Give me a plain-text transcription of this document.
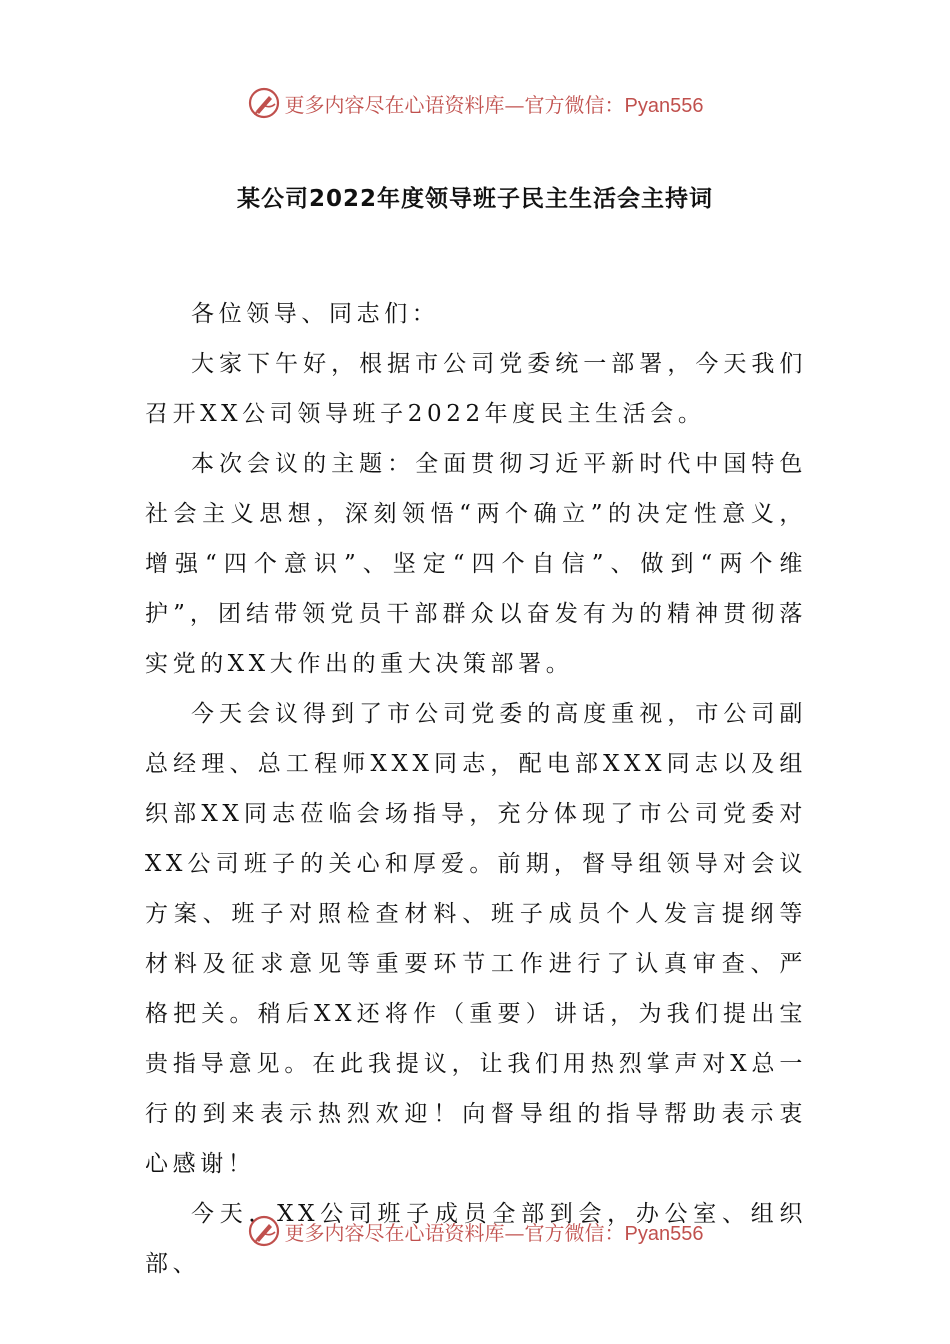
更多内容尽在心语资料库—官方微信：Pyan556
某公司2022年度领导班子民主生活会主持词

各位领导、同志们：

大家下午好，根据市公司党委统一部署，今天我们召开XX公司领导班子2022年度民主生活会。

本次会议的主题：全面贯彻习近平新时代中国特色社会主义思想，深刻领悟“两个确立”的决定性意义，增强“四个意识”、坚定“四个自信”、做到“两个维护”，团结带领党员干部群众以奋发有为的精神贯彻落实党的XX大作出的重大决策部署。

今天会议得到了市公司党委的高度重视，市公司副总经理、总工程师XXX同志，配电部XXX同志以及组织部XX同志莅临会场指导，充分体现了市公司党委对XX公司班子的关心和厚爱。前期，督导组领导对会议方案、班子对照检查材料、班子成员个人发言提纲等材料及征求意见等重要环节工作进行了认真审查、严格把关。稍后XX还将作（重要）讲话，为我们提出宝贵指导意见。在此我提议，让我们用热烈掌声对X总一行的到来表示热烈欢迎！向督导组的指导帮助表示衷心感谢！

今天，XX公司班子成员全部到会，办公室、组织部、

更多内容尽在心语资料库—官方微信：Pyan556
